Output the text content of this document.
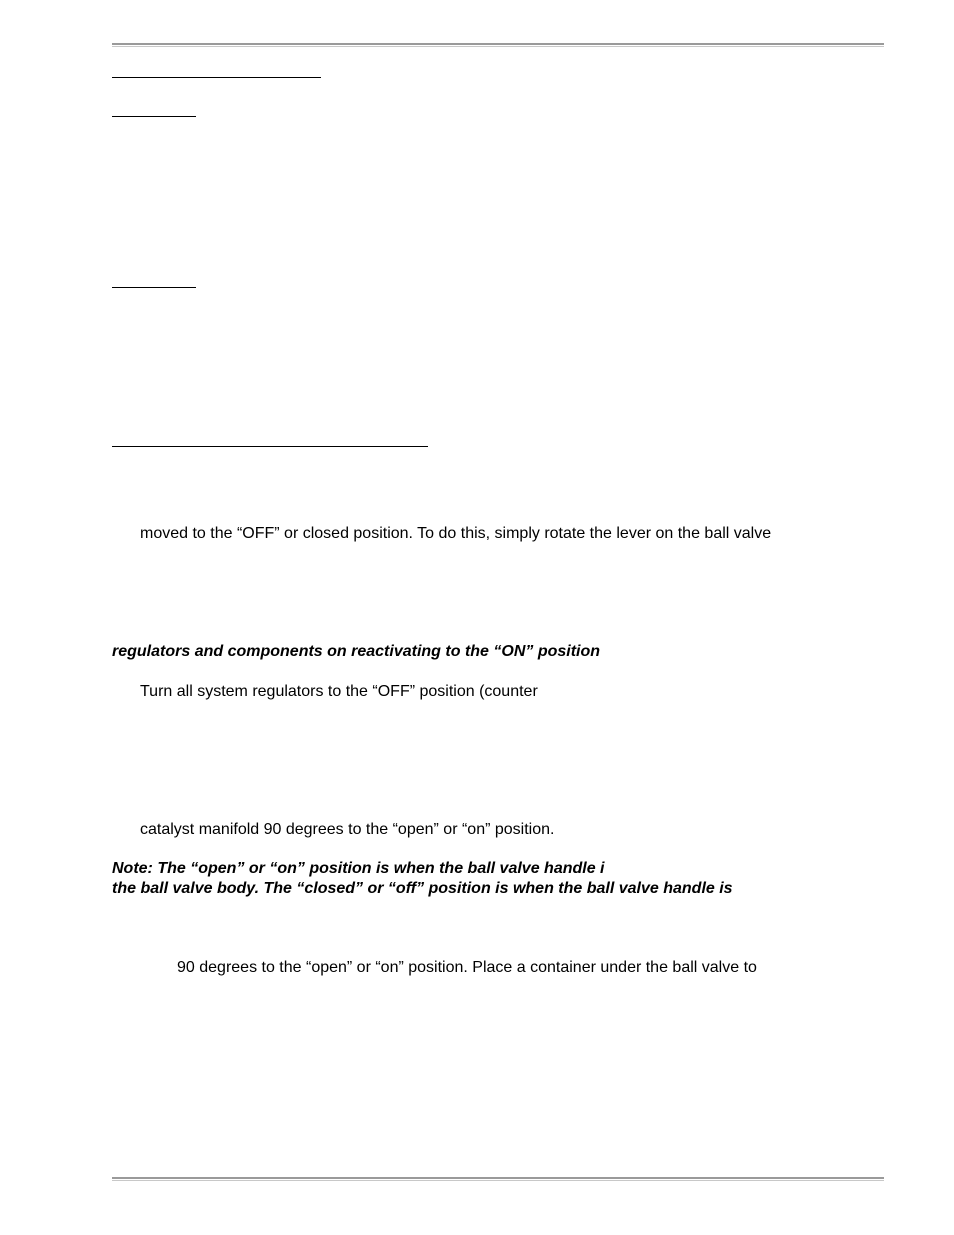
moved to the “OFF” or closed position. To do this, simply rotate the lever on the ball valve
regulators and components on reactivating to the “ON” position
Turn all system regulators to the “OFF” position (counter
catalyst manifold 90 degrees to the “open” or “on” position.
Note: The “open” or “on” position is when the ball valve handle i
the ball valve body. The “closed” or “off” position is when the ball valve handle is
90 degrees to the “open” or “on” position. Place a container under the ball valve to
